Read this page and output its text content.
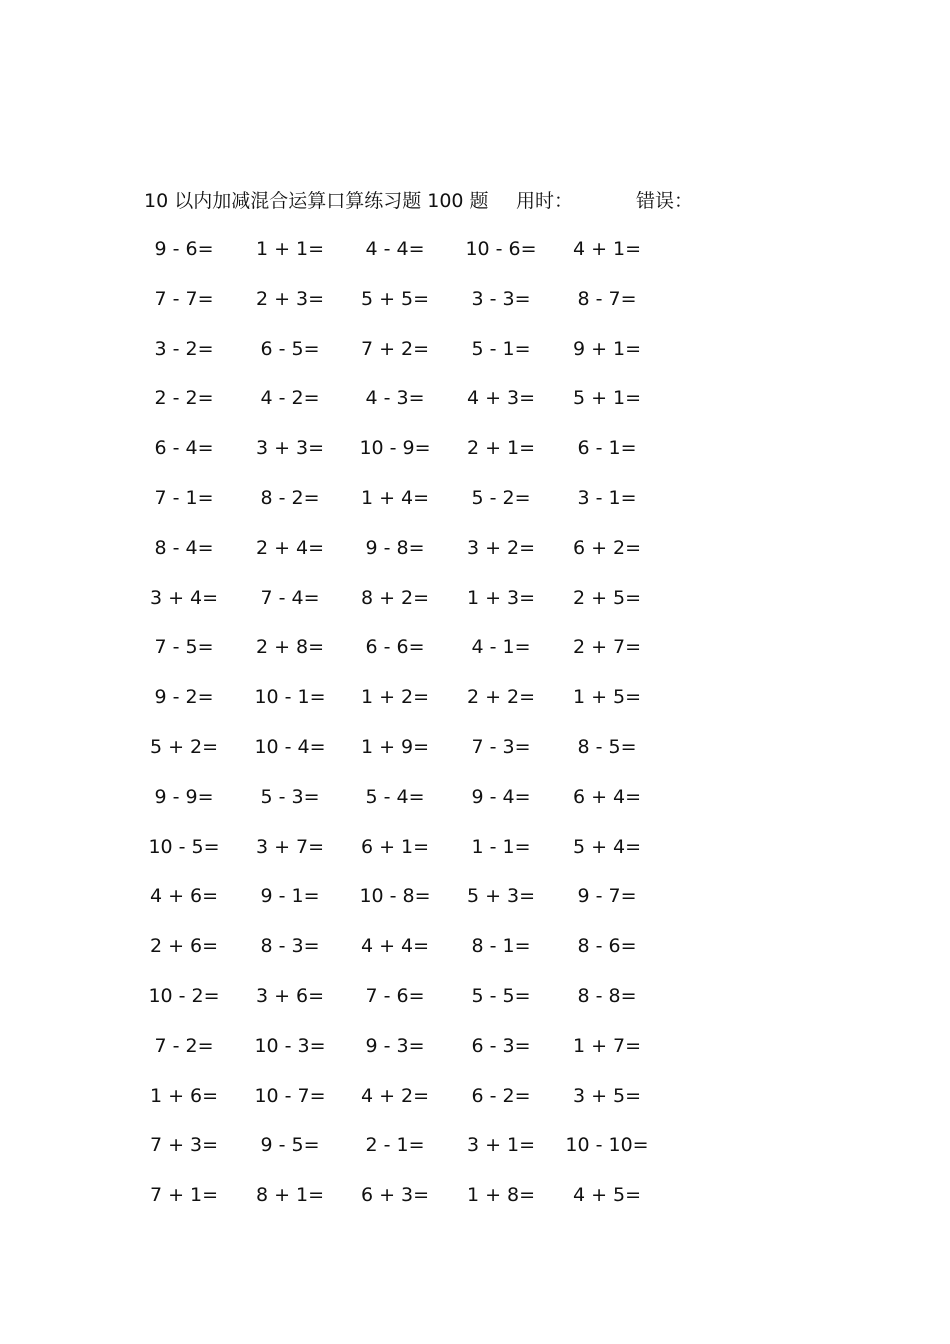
10 以内加减混合运算口算练习题 100 题 用时：	错误：
9 - 6=	1 + 1=	4 - 4=	10 - 6=	4 + 1=
7 - 7=	2 + 3=	5 + 5=	3 - 3=	8 - 7=
3 - 2=	6 - 5=	7 + 2=	5 - 1=	9 + 1=
2 - 2=	4 - 2=	4 - 3=	4 + 3=	5 + 1=
6 - 4=	3 + 3=	10 - 9=	2 + 1=	6 - 1=
7 - 1=	8 - 2=	1 + 4=	5 - 2=	3 - 1=
8 - 4=	2 + 4=	9 - 8=	3 + 2=	6 + 2=
3 + 4=	7 - 4=	8 + 2=	1 + 3=	2 + 5=
7 - 5=	2 + 8=	6 - 6=	4 - 1=	2 + 7=
9 - 2=	10 - 1=	1 + 2=	2 + 2=	1 + 5=
5 + 2=	10 - 4=	1 + 9=	7 - 3=	8 - 5=
9 - 9=	5 - 3=	5 - 4=	9 - 4=	6 + 4=
10 - 5=	3 + 7=	6 + 1=	1 - 1=	5 + 4=
4 + 6=	9 - 1=	10 - 8=	5 + 3=	9 - 7=
2 + 6=	8 - 3=	4 + 4=	8 - 1=	8 - 6=
10 - 2=	3 + 6=	7 - 6=	5 - 5=	8 - 8=
7 - 2=	10 - 3=	9 - 3=	6 - 3=	1 + 7=
1 + 6=	10 - 7=	4 + 2=	6 - 2=	3 + 5=
7 + 3=	9 - 5=	2 - 1=	3 + 1=	10 - 10=
7 + 1=	8 + 1=	6 + 3=	1 + 8=	4 + 5=
